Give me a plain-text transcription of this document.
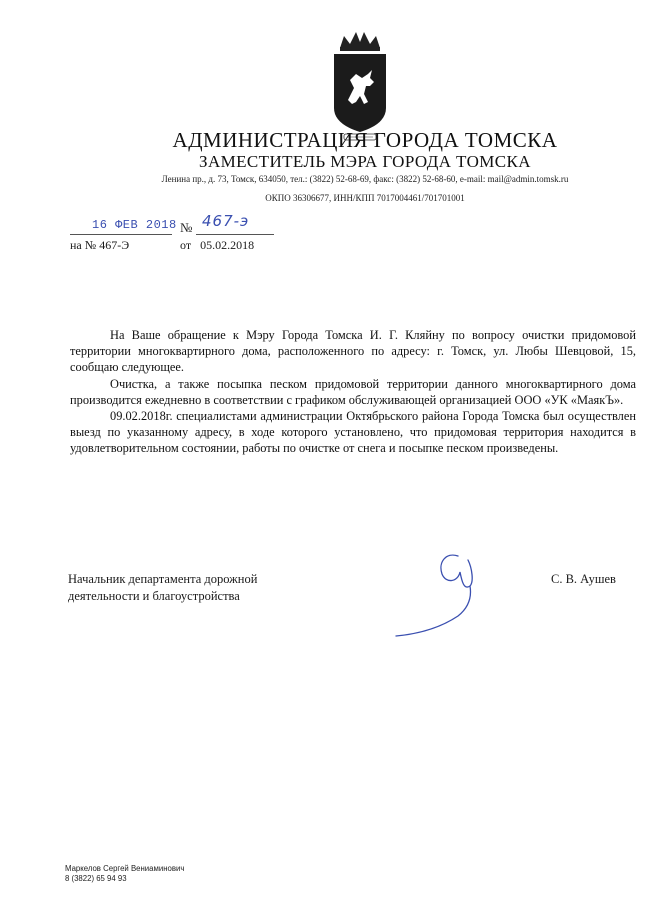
АДМИНИСТРАЦИЯ ГОРОДА ТОМСКА
ЗАМЕСТИТЕЛЬ МЭРА ГОРОДА ТОМСКА
Ленина пр., д. 73, Томск, 634050, тел.: (3822) 52-68-69, факс: (3822) 52-68-60, e-mail: mail@admin.tomsk.ru
ОКПО 36306677, ИНН/КПП 7017004461/701701001
16 ФЕВ 2018 № 467-э
на № 467-Э	от 05.02.2018

На Ваше обращение к Мэру Города Томска И. Г. Кляйну по вопросу очистки придомовой территории многоквартирного дома, расположенного по адресу: г. Томск, ул. Любы Шевцовой, 15, сообщаю следующее.

Очистка, а также посыпка песком придомовой территории данного многоквартирного дома производится ежедневно в соответствии с графиком обслуживающей организацией ООО «УК «МаякЪ».

09.02.2018г. специалистами администрации Октябрьского района Города Томска был осуществлен выезд по указанному адресу, в ходе которого установлено, что придомовая территория находится в удовлетворительном состоянии, работы по очистке от снега и посыпке песком произведены.

Начальник департамента дорожной
деятельности и благоустройства
С. В. Аушев
Маркелов Сергей Вениаминович
8 (3822) 65 94 93
